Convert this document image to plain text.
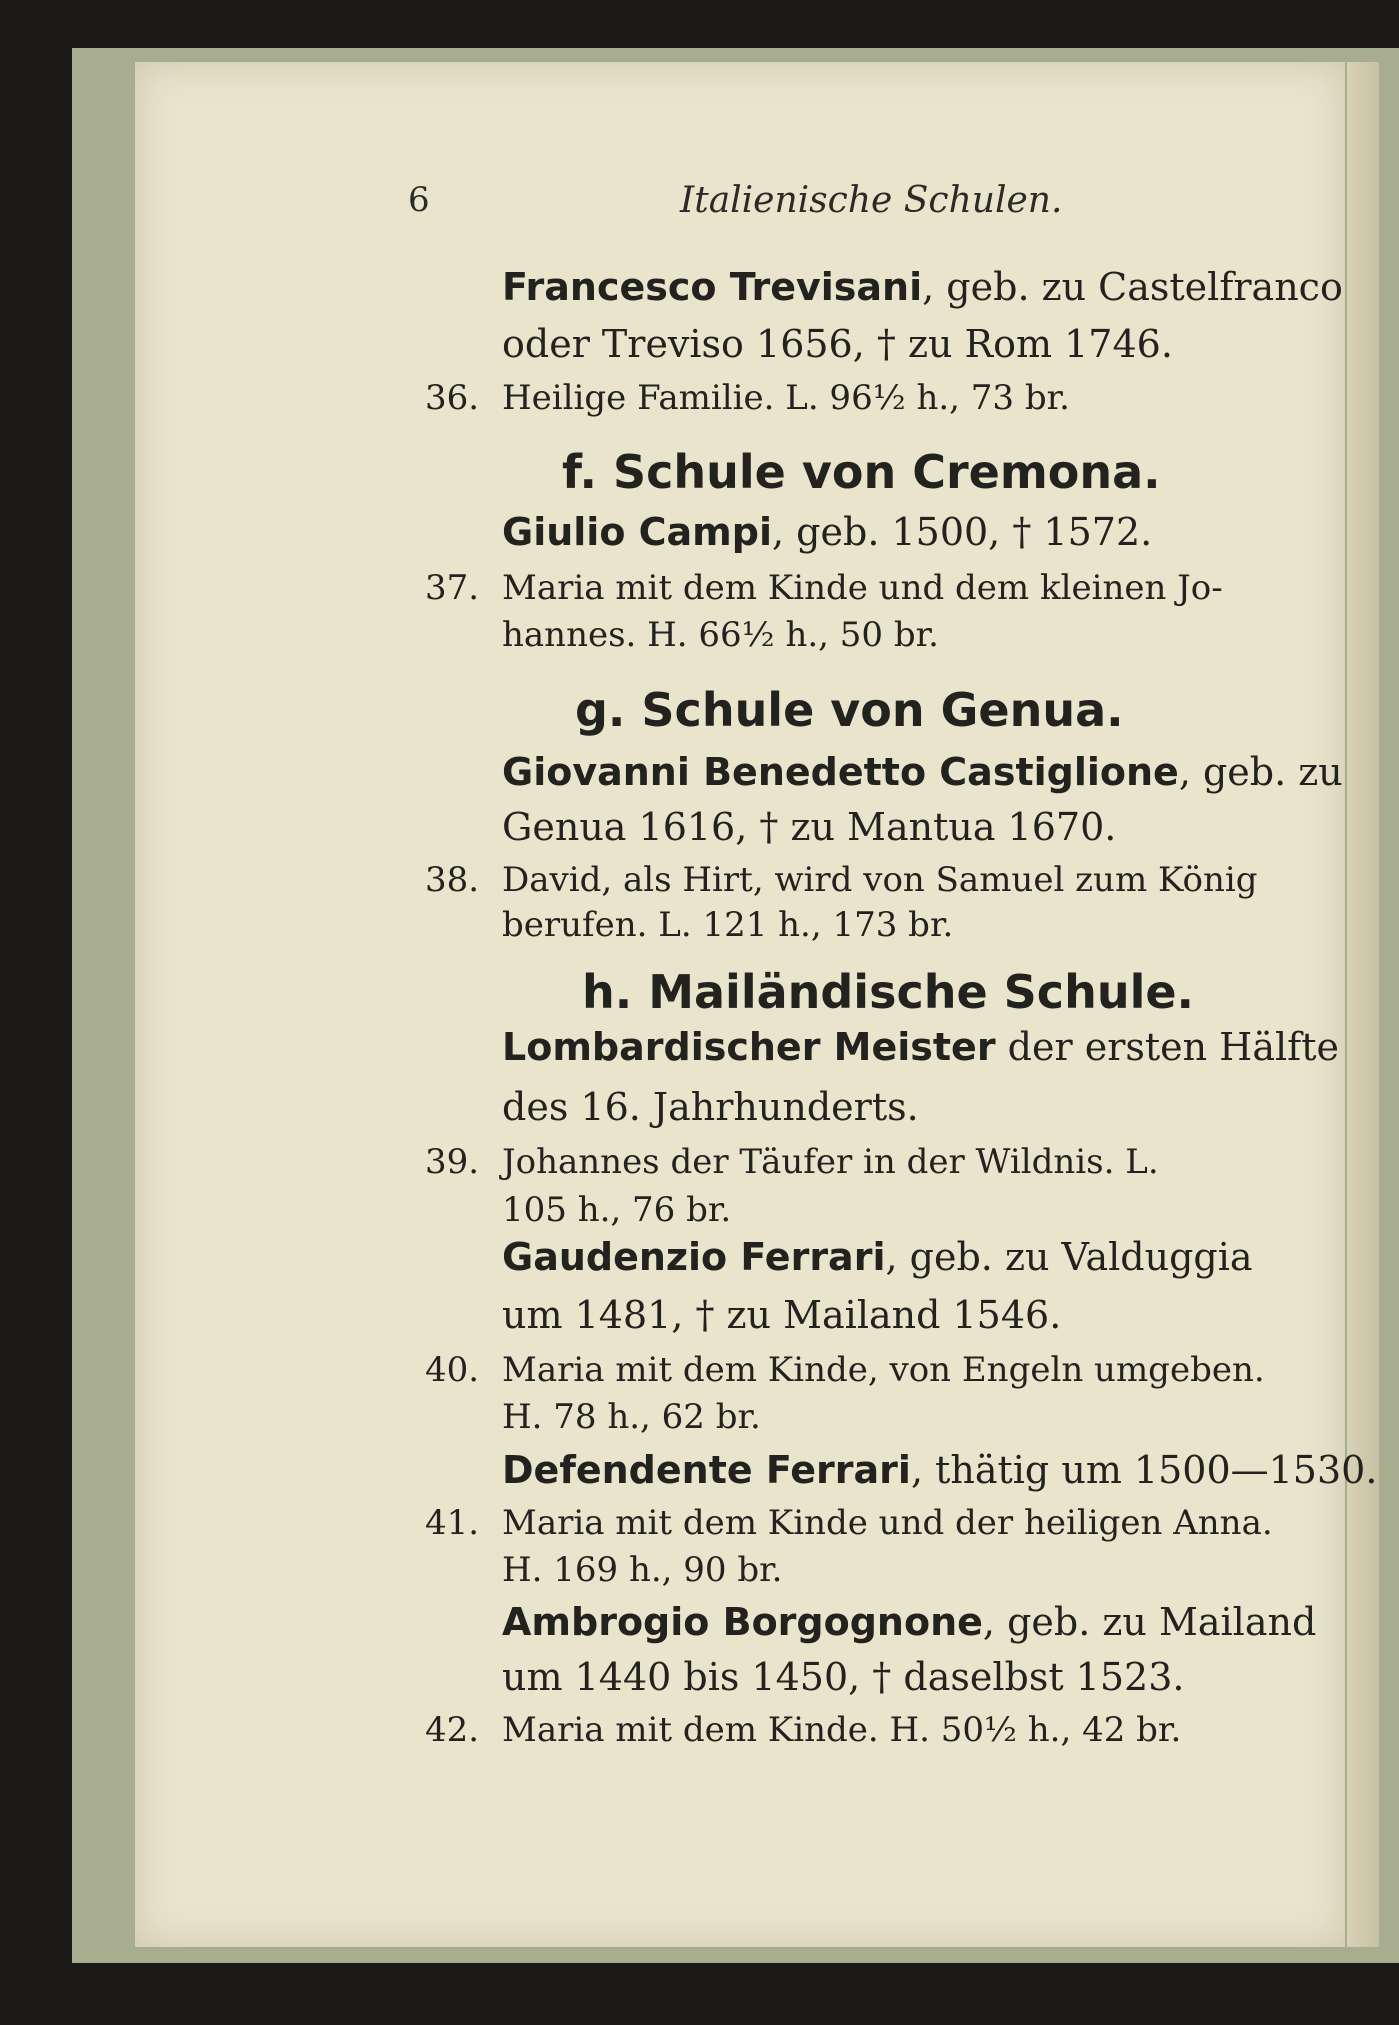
6	Italienische Schulen.
Francesco Trevisani, geb. zu Castelfranco
oder Treviso 1656, † zu Rom 1746.
36. Heilige Familie. L. 96½ h., 73 br.
f. Schule von Cremona.
Giulio Campi, geb. 1500, † 1572.
37. Maria mit dem Kinde und dem kleinen Jo-
hannes. H. 66½ h., 50 br.
g. Schule von Genua.
Giovanni Benedetto Castiglione, geb. zu
Genua 1616, † zu Mantua 1670.
38. David, als Hirt, wird von Samuel zum König
berufen. L. 121 h., 173 br.
h. Mailändische Schule.
Lombardischer Meister der ersten Hälfte
des 16. Jahrhunderts.
39. Johannes der Täufer in der Wildnis. L.
105 h., 76 br.
Gaudenzio Ferrari, geb. zu Valduggia
um 1481, † zu Mailand 1546.
40. Maria mit dem Kinde, von Engeln umgeben.
H. 78 h., 62 br.
Defendente Ferrari, thätig um 1500—1530.
41. Maria mit dem Kinde und der heiligen Anna.
H. 169 h., 90 br.
Ambrogio Borgognone, geb. zu Mailand
um 1440 bis 1450, † daselbst 1523.
42. Maria mit dem Kinde. H. 50½ h., 42 br.
